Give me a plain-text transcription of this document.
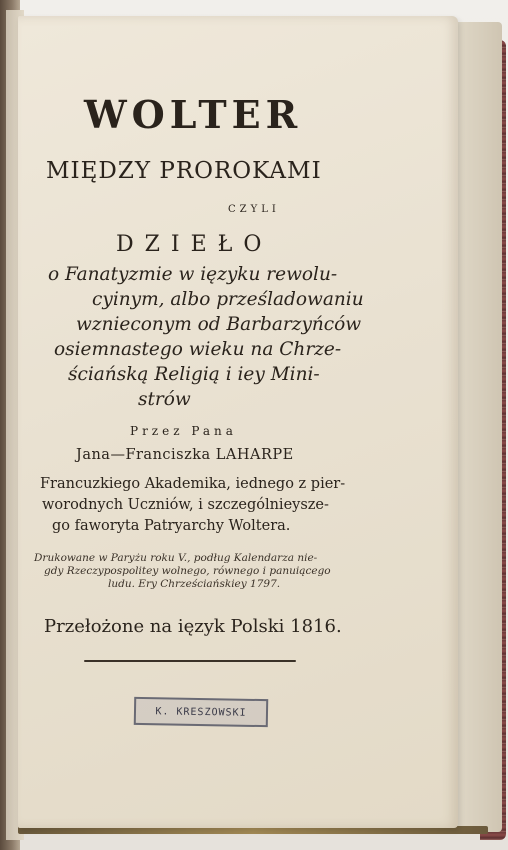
WOLTER
MIĘDZY PROROKAMI
CZYLI
DZIEŁO
o Fanatyzmie w ięzyku rewolu-
cyinym, albo prześladowaniu
wznieconym od Barbarzyńców
osiemnastego wieku na Chrze-
ściańską Religią i iey Mini-
strów
Przez Pana
Jana—Franciszka LAHARPE
Francuzkiego Akademika, iednego z pier-
worodnych Uczniów, i szczególnieysze-
go faworyta Patryarchy Woltera.
Drukowane w Paryżu roku V., podług Kalendarza nie-
gdy Rzeczypospolitey wolnego, równego i panuiącego
ludu. Ery Chrześciańskiey 1797.
Przełożone na ięzyk Polski 1816.
K. KRESZOWSKI
